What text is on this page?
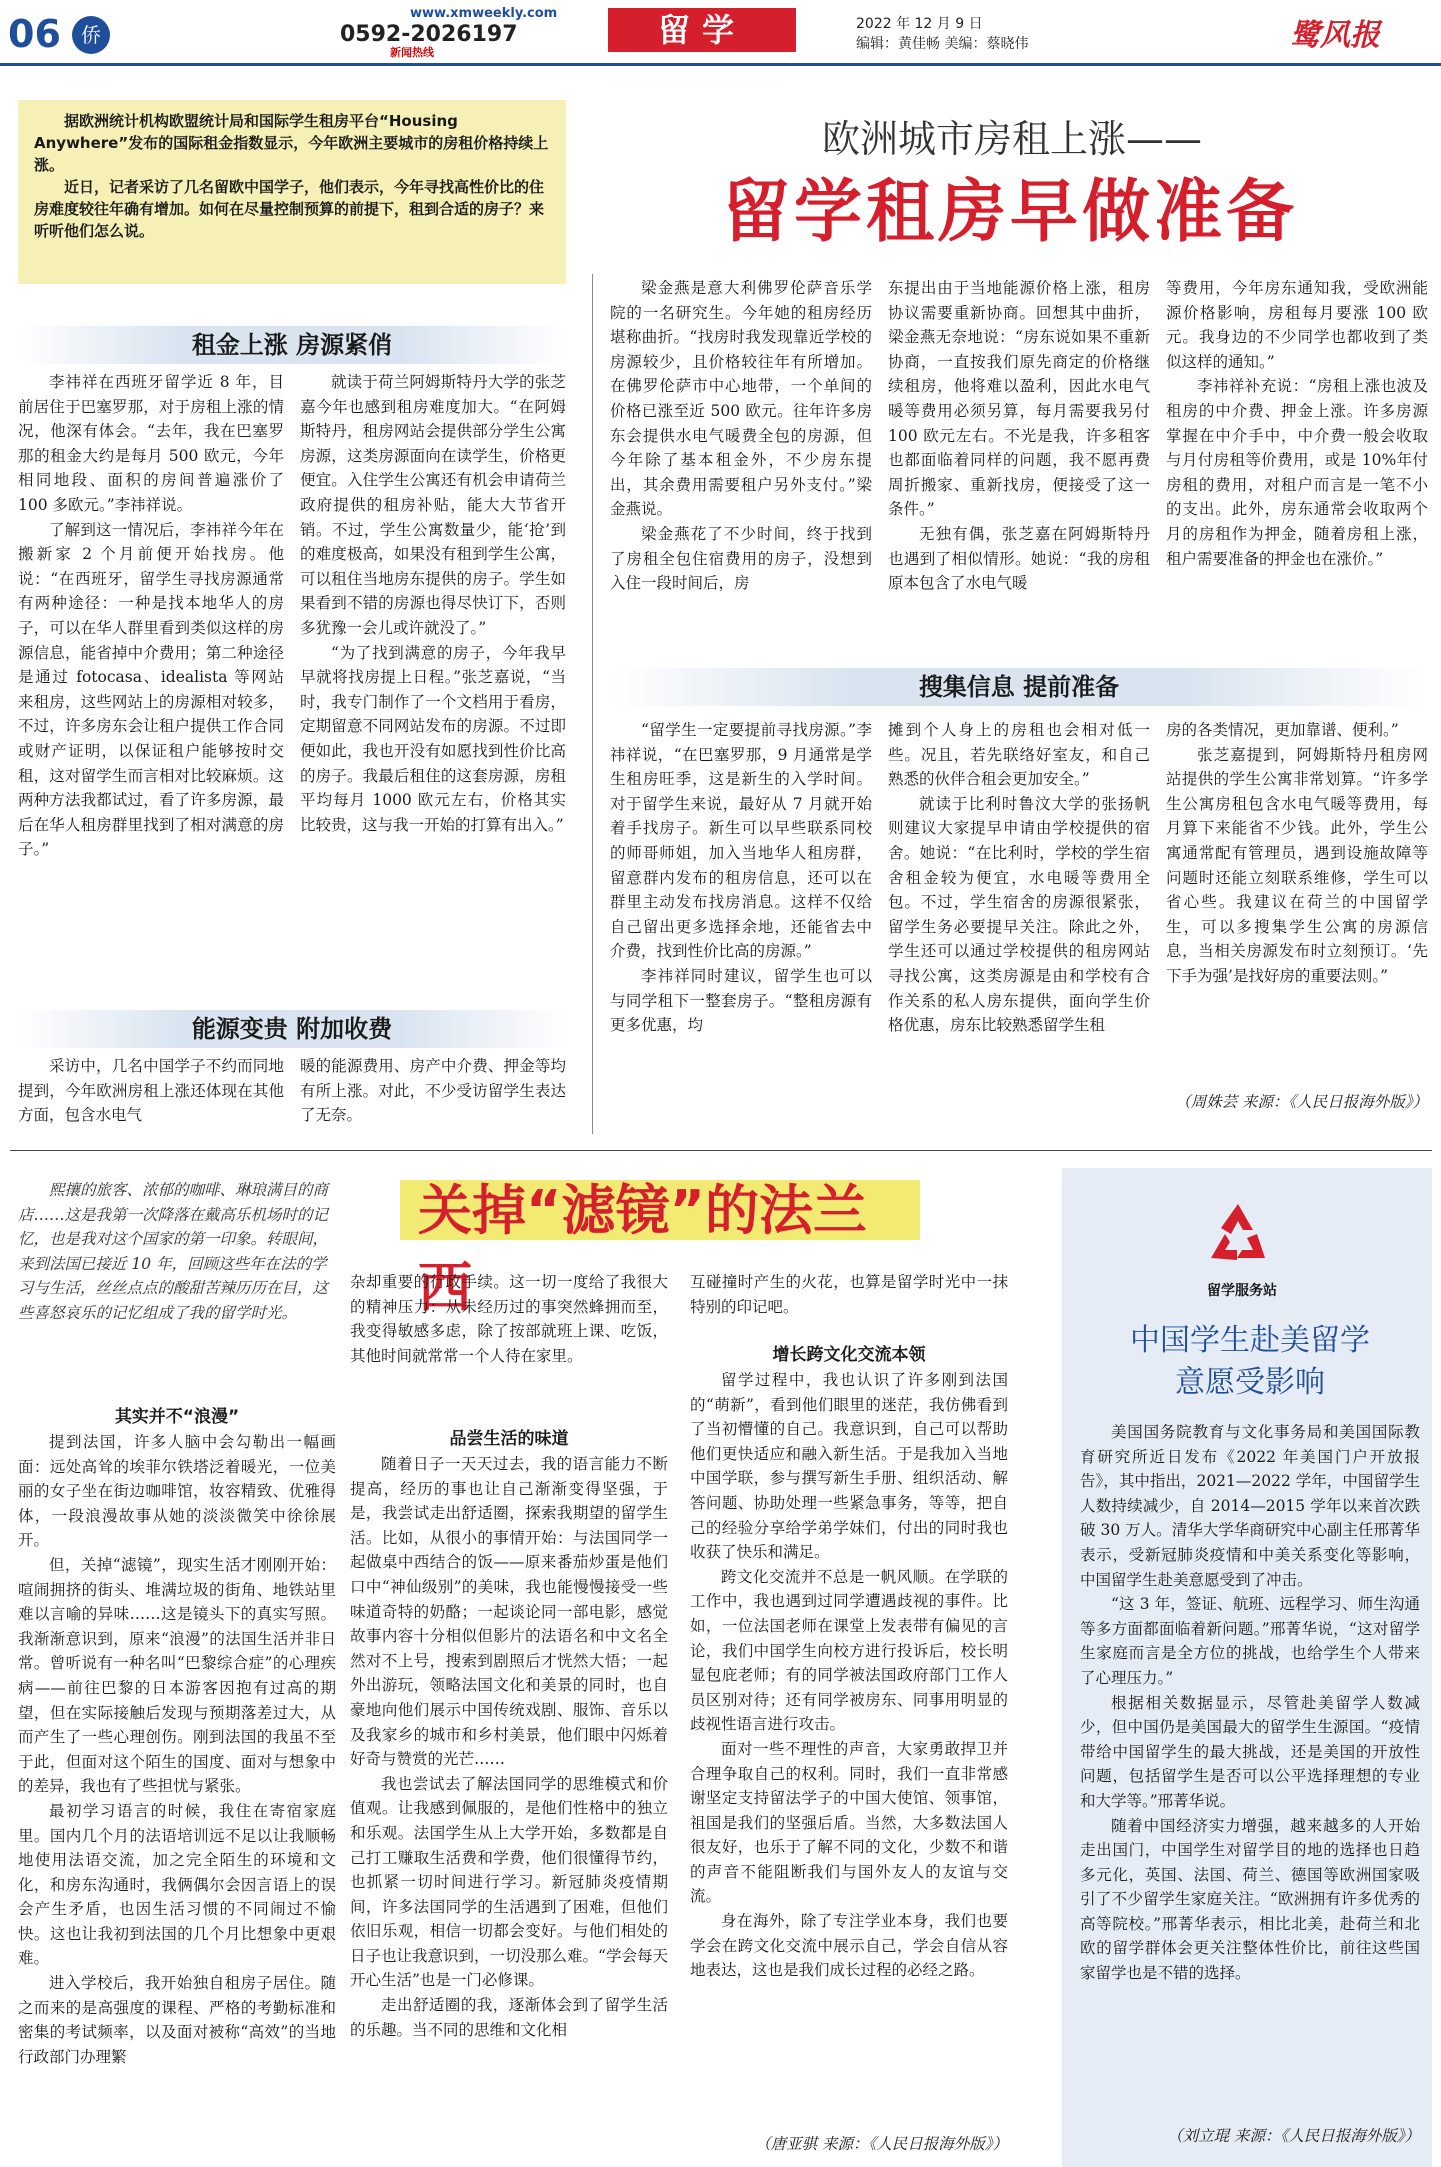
06	侨
www.xmweekly.com
0592-2026197
新闻热线
留学	2022 年 12 月 9 日
编辑：黄佳畅 美编：蔡晓伟	鹭风报

据欧洲统计机构欧盟统计局和国际学生租房平台“Housing Anywhere”发布的国际租金指数显示，今年欧洲主要城市的房租价格持续上涨。

近日，记者采访了几名留欧中国学子，他们表示，今年寻找高性价比的住房难度较往年确有增加。如何在尽量控制预算的前提下，租到合适的房子？来听听他们怎么说。

欧洲城市房租上涨——
留学租房早做准备
租金上涨 房源紧俏

李祎祥在西班牙留学近 8 年，目前居住于巴塞罗那，对于房租上涨的情况，他深有体会。“去年，我在巴塞罗那的租金大约是每月 500 欧元，今年相同地段、面积的房间普遍涨价了 100 多欧元。”李祎祥说。

了解到这一情况后，李祎祥今年在搬新家 2 个月前便开始找房。他说：“在西班牙，留学生寻找房源通常有两种途径：一种是找本地华人的房子，可以在华人群里看到类似这样的房源信息，能省掉中介费用；第二种途径是通过 fotocasa、idealista 等网站来租房，这些网站上的房源相对较多，不过，许多房东会让租户提供工作合同或财产证明，以保证租户能够按时交租，这对留学生而言相对比较麻烦。这两种方法我都试过，看了许多房源，最后在华人租房群里找到了相对满意的房子。”

就读于荷兰阿姆斯特丹大学的张芝嘉今年也感到租房难度加大。“在阿姆斯特丹，租房网站会提供部分学生公寓房源，这类房源面向在读学生，价格更便宜。入住学生公寓还有机会申请荷兰政府提供的租房补贴，能大大节省开销。不过，学生公寓数量少，能‘抢’到的难度极高，如果没有租到学生公寓，可以租住当地房东提供的房子。学生如果看到不错的房源也得尽快订下，否则多犹豫一会儿或许就没了。”

“为了找到满意的房子，今年我早早就将找房提上日程。”张芝嘉说，“当时，我专门制作了一个文档用于看房，定期留意不同网站发布的房源。不过即便如此，我也开没有如愿找到性价比高的房子。我最后租住的这套房源，房租平均每月 1000 欧元左右，价格其实比较贵，这与我一开始的打算有出入。”

能源变贵 附加收费

采访中，几名中国学子不约而同地提到，今年欧洲房租上涨还体现在其他方面，包含水电气

暖的能源费用、房产中介费、押金等均有所上涨。对此，不少受访留学生表达了无奈。

梁金燕是意大利佛罗伦萨音乐学院的一名研究生。今年她的租房经历堪称曲折。“找房时我发现靠近学校的房源较少，且价格较往年有所增加。在佛罗伦萨市中心地带，一个单间的价格已涨至近 500 欧元。往年许多房东会提供水电气暖费全包的房源，但今年除了基本租金外，不少房东提出，其余费用需要租户另外支付。”梁金燕说。

梁金燕花了不少时间，终于找到了房租全包住宿费用的房子，没想到入住一段时间后，房

东提出由于当地能源价格上涨，租房协议需要重新协商。回想其中曲折，梁金燕无奈地说：“房东说如果不重新协商，一直按我们原先商定的价格继续租房，他将难以盈利，因此水电气暖等费用必须另算，每月需要我另付 100 欧元左右。不光是我，许多租客也都面临着同样的问题，我不愿再费周折搬家、重新找房，便接受了这一条件。”

无独有偶，张芝嘉在阿姆斯特丹也遇到了相似情形。她说：“我的房租原本包含了水电气暖

等费用，今年房东通知我，受欧洲能源价格影响，房租每月要涨 100 欧元。我身边的不少同学也都收到了类似这样的通知。”

李祎祥补充说：“房租上涨也波及租房的中介费、押金上涨。许多房源掌握在中介手中，中介费一般会收取与月付房租等价费用，或是 10%年付房租的费用，对租户而言是一笔不小的支出。此外，房东通常会收取两个月的房租作为押金，随着房租上涨，租户需要准备的押金也在涨价。”

搜集信息 提前准备

“留学生一定要提前寻找房源。”李祎祥说，“在巴塞罗那，9 月通常是学生租房旺季，这是新生的入学时间。对于留学生来说，最好从 7 月就开始着手找房子。新生可以早些联系同校的师哥师姐，加入当地华人租房群，留意群内发布的租房信息，还可以在群里主动发布找房消息。这样不仅给自己留出更多选择余地，还能省去中介费，找到性价比高的房源。”

李祎祥同时建议，留学生也可以与同学租下一整套房子。“整租房源有更多优惠，均

摊到个人身上的房租也会相对低一些。况且，若先联络好室友，和自己熟悉的伙伴合租会更加安全。”

就读于比利时鲁汶大学的张扬帆则建议大家提早申请由学校提供的宿舍。她说：“在比利时，学校的学生宿舍租金较为便宜，水电暖等费用全包。不过，学生宿舍的房源很紧张，留学生务必要提早关注。除此之外，学生还可以通过学校提供的租房网站寻找公寓，这类房源是由和学校有合作关系的私人房东提供，面向学生价格优惠，房东比较熟悉留学生租

房的各类情况，更加靠谱、便利。”

张芝嘉提到，阿姆斯特丹租房网站提供的学生公寓非常划算。“许多学生公寓房租包含水电气暖等费用，每月算下来能省不少钱。此外，学生公寓通常配有管理员，遇到设施故障等问题时还能立刻联系维修，学生可以省心些。我建议在荷兰的中国留学生，可以多搜集学生公寓的房源信息，当相关房源发布时立刻预订。‘先下手为强’是找好房的重要法则。”

（周姝芸 来源：《人民日报海外版》）
关掉“滤镜”的法兰西

熙攘的旅客、浓郁的咖啡、琳琅满目的商店……这是我第一次降落在戴高乐机场时的记忆，也是我对这个国家的第一印象。转眼间，来到法国已接近 10 年，回顾这些年在法的学习与生活，丝丝点点的酸甜苦辣历历在目，这些喜怒哀乐的记忆组成了我的留学时光。

其实并不“浪漫”

提到法国，许多人脑中会勾勒出一幅画面：远处高耸的埃菲尔铁塔泛着暖光，一位美丽的女子坐在街边咖啡馆，妆容精致、优雅得体，一段浪漫故事从她的淡淡微笑中徐徐展开。

但，关掉“滤镜”，现实生活才刚刚开始：喧闹拥挤的街头、堆满垃圾的街角、地铁站里难以言喻的异味……这是镜头下的真实写照。我渐渐意识到，原来“浪漫”的法国生活并非日常。曾听说有一种名叫“巴黎综合症”的心理疾病——前往巴黎的日本游客因抱有过高的期望，但在实际接触后发现与预期落差过大，从而产生了一些心理创伤。刚到法国的我虽不至于此，但面对这个陌生的国度、面对与想象中的差异，我也有了些担忧与紧张。

最初学习语言的时候，我住在寄宿家庭里。国内几个月的法语培训远不足以让我顺畅地使用法语交流，加之完全陌生的环境和文化，和房东沟通时，我俩偶尔会因言语上的误会产生矛盾，也因生活习惯的不同闹过不愉快。这也让我初到法国的几个月比想象中更艰难。

进入学校后，我开始独自租房子居住。随之而来的是高强度的课程、严格的考勤标准和密集的考试频率，以及面对被称“高效”的当地行政部门办理繁

杂却重要的行政手续。这一切一度给了我很大的精神压力：从未经历过的事突然蜂拥而至，我变得敏感多虑，除了按部就班上课、吃饭，其他时间就常常一个人待在家里。

品尝生活的味道

随着日子一天天过去，我的语言能力不断提高，经历的事也让自己渐渐变得坚强，于是，我尝试走出舒适圈，探索我期望的留学生活。比如，从很小的事情开始：与法国同学一起做桌中西结合的饭——原来番茄炒蛋是他们口中“神仙级别”的美味，我也能慢慢接受一些味道奇特的奶酪；一起谈论同一部电影，感觉故事内容十分相似但影片的法语名和中文名全然对不上号，搜索到剧照后才恍然大悟；一起外出游玩，领略法国文化和美景的同时，也自豪地向他们展示中国传统戏剧、服饰、音乐以及我家乡的城市和乡村美景，他们眼中闪烁着好奇与赞赏的光芒……

我也尝试去了解法国同学的思维模式和价值观。让我感到佩服的，是他们性格中的独立和乐观。法国学生从上大学开始，多数都是自己打工赚取生活费和学费，他们很懂得节约，也抓紧一切时间进行学习。新冠肺炎疫情期间，许多法国同学的生活遇到了困难，但他们依旧乐观，相信一切都会变好。与他们相处的日子也让我意识到，一切没那么难。“学会每天开心生活”也是一门必修课。

走出舒适圈的我，逐渐体会到了留学生活的乐趣。当不同的思维和文化相

互碰撞时产生的火花，也算是留学时光中一抹特别的印记吧。

增长跨文化交流本领

留学过程中，我也认识了许多刚到法国的“萌新”，看到他们眼里的迷茫，我仿佛看到了当初懵懂的自己。我意识到，自己可以帮助他们更快适应和融入新生活。于是我加入当地中国学联，参与撰写新生手册、组织活动、解答问题、协助处理一些紧急事务，等等，把自己的经验分享给学弟学妹们，付出的同时我也收获了快乐和满足。

跨文化交流并不总是一帆风顺。在学联的工作中，我也遇到过同学遭遇歧视的事件。比如，一位法国老师在课堂上发表带有偏见的言论，我们中国学生向校方进行投诉后，校长明显包庇老师；有的同学被法国政府部门工作人员区别对待；还有同学被房东、同事用明显的歧视性语言进行攻击。

面对一些不理性的声音，大家勇敢捍卫并合理争取自己的权利。同时，我们一直非常感谢坚定支持留法学子的中国大使馆、领事馆，祖国是我们的坚强后盾。当然，大多数法国人很友好，也乐于了解不同的文化，少数不和谐的声音不能阻断我们与国外友人的友谊与交流。

身在海外，除了专注学业本身，我们也要学会在跨文化交流中展示自己，学会自信从容地表达，这也是我们成长过程的必经之路。

（唐亚骐 来源：《人民日报海外版》）
留学服务站
中国学生赴美留学
意愿受影响

美国国务院教育与文化事务局和美国国际教育研究所近日发布《2022 年美国门户开放报告》，其中指出，2021—2022 学年，中国留学生人数持续减少，自 2014—2015 学年以来首次跌破 30 万人。清华大学华商研究中心副主任邢菁华表示，受新冠肺炎疫情和中美关系变化等影响，中国留学生赴美意愿受到了冲击。

“这 3 年，签证、航班、远程学习、师生沟通等多方面都面临着新问题。”邢菁华说，“这对留学生家庭而言是全方位的挑战，也给学生个人带来了心理压力。”

根据相关数据显示，尽管赴美留学人数减少，但中国仍是美国最大的留学生生源国。“疫情带给中国留学生的最大挑战，还是美国的开放性问题，包括留学生是否可以公平选择理想的专业和大学等。”邢菁华说。

随着中国经济实力增强，越来越多的人开始走出国门，中国学生对留学目的地的选择也日趋多元化，英国、法国、荷兰、德国等欧洲国家吸引了不少留学生家庭关注。“欧洲拥有许多优秀的高等院校。”邢菁华表示，相比北美，赴荷兰和北欧的留学群体会更关注整体性价比，前往这些国家留学也是不错的选择。

（刘立琨 来源：《人民日报海外版》）
